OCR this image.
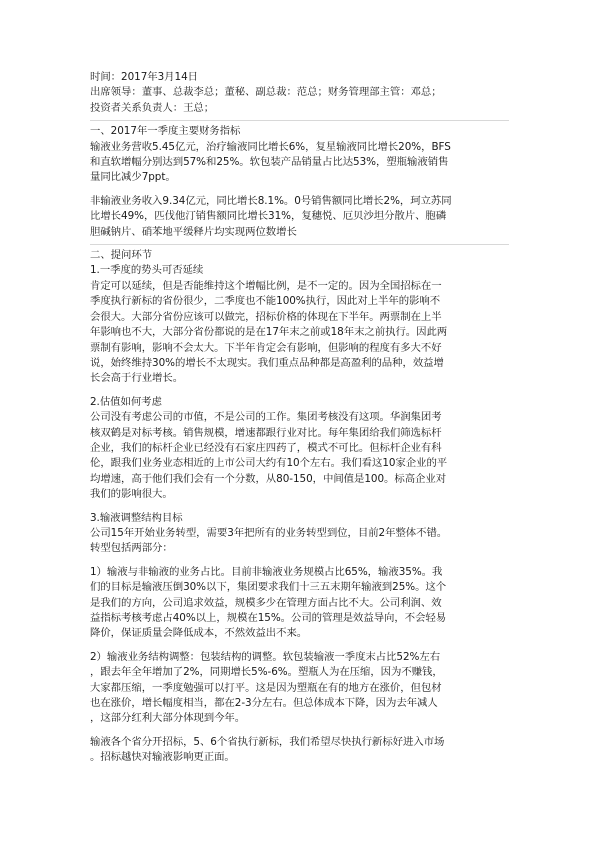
时间：2017年3月14日
出席领导：董事、总裁李总；董秘、副总裁：范总；财务管理部主管：邓总；
投资者关系负责人：王总；
一、2017年一季度主要财务指标
输液业务营收5.45亿元，治疗输液同比增长6%，复星输液同比增长20%，BFS
和直软增幅分别达到57%和25%。软包装产品销量占比达53%，塑瓶输液销售
量同比减少7ppt。
非输液业务收入9.34亿元，同比增长8.1%。0号销售额同比增长2%，珂立苏同
比增长49%，匹伐他汀销售额同比增长31%，复穗悦、厄贝沙坦分散片、胞磷
胆碱钠片、硝苯地平缓释片均实现两位数增长
二、提问环节
1.一季度的势头可否延续
肯定可以延续，但是否能维持这个增幅比例，是不一定的。因为全国招标在一
季度执行新标的省份很少，二季度也不能100%执行，因此对上半年的影响不
会很大。大部分省份应该可以做完，招标价格的体现在下半年。两票制在上半
年影响也不大，大部分省份都说的是在17年末之前或18年末之前执行。因此两
票制有影响，影响不会太大。下半年肯定会有影响，但影响的程度有多大不好
说，始终维持30%的增长不太现实。我们重点品种都是高盈利的品种，效益增
长会高于行业增长。
2.估值如何考虑
公司没有考虑公司的市值，不是公司的工作。集团考核没有这项。华润集团考
核双鹤是对标考核。销售规模，增速都跟行业对比。每年集团给我们筛选标杆
企业，我们的标杆企业已经没有石家庄四药了，模式不可比。但标杆企业有科
伦，跟我们业务业态相近的上市公司大约有10个左右。我们看这10家企业的平
均增速，高于他们我们会有一个分数，从80-150，中间值是100。标高企业对
我们的影响很大。
3.输液调整结构目标
公司15年开始业务转型，需要3年把所有的业务转型到位，目前2年整体不错。
转型包括两部分：
1）输液与非输液的业务占比。目前非输液业务规模占比65%，输液35%。我
们的目标是输液压倒30%以下，集团要求我们十三五末期年输液到25%。这个
是我们的方向，公司追求效益，规模多少在管理方面占比不大。公司利润、效
益指标考核考虑占40%以上，规模在15%。公司的管理是效益导向，不会轻易
降价，保证质量会降低成本，不然效益出不来。
2）输液业务结构调整：包装结构的调整。软包装输液一季度末占比52%左右
，跟去年全年增加了2%，同期增长5%-6%。塑瓶人为在压缩，因为不赚钱，
大家都压缩，一季度勉强可以打平。这是因为塑瓶在有的地方在涨价，但包材
也在涨价，增长幅度相当，都在2-3分左右。但总体成本下降，因为去年减人
，这部分红利大部分体现到今年。
输液各个省分开招标，5、6个省执行新标，我们希望尽快执行新标好进入市场
。招标越快对输液影响更正面。
